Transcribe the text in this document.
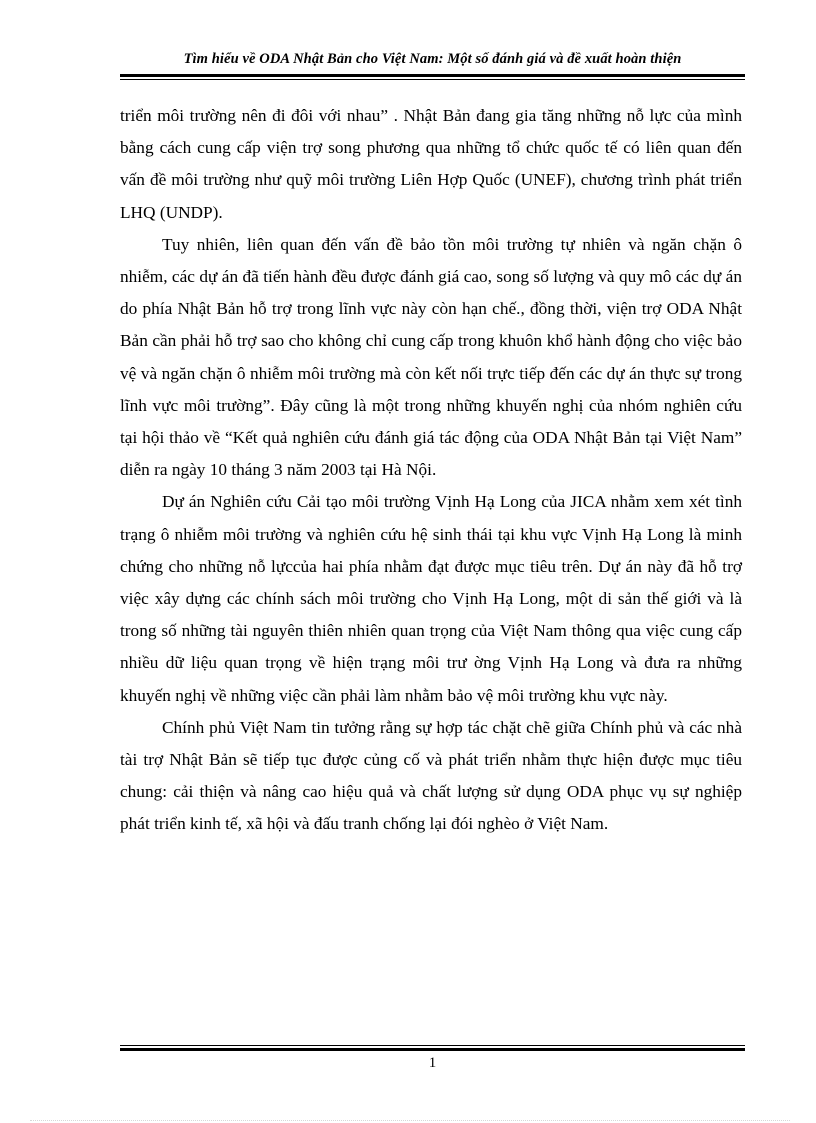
Tìm hiểu về ODA Nhật Bản cho Việt Nam: Một số đánh giá và đề xuất hoàn thiện

triển môi trường nên đi đôi với nhau” . Nhật Bản đang gia tăng những nỗ lực của mình bằng cách cung cấp viện trợ song phương qua những tổ chức quốc tế có liên quan đến vấn đề môi trường như quỹ môi trường Liên Hợp Quốc (UNEF), chương trình phát triển LHQ (UNDP).

Tuy nhiên, liên quan đến vấn đề bảo tồn môi trường tự nhiên và ngăn chặn ô nhiễm, các dự án đã tiến hành đều được đánh giá cao, song số lượng và quy mô các dự án do phía Nhật Bản hỗ trợ trong lĩnh vực này còn hạn chế., đồng thời, viện trợ ODA Nhật Bản cần phải hỗ trợ sao cho không chỉ cung cấp trong khuôn khổ hành động cho việc bảo vệ và ngăn chặn ô nhiễm môi trường mà còn kết nối trực tiếp đến các dự án thực sự trong lĩnh vực môi trường”. Đây cũng là một trong những khuyến nghị của nhóm nghiên cứu tại hội thảo về “Kết quả nghiên cứu đánh giá tác động của ODA Nhật Bản tại Việt Nam” diễn ra ngày 10 tháng 3 năm 2003 tại Hà Nội.

Dự án Nghiên cứu Cải tạo môi trường Vịnh Hạ Long của JICA nhằm xem xét tình trạng ô nhiễm môi trường và nghiên cứu hệ sinh thái tại khu vực Vịnh Hạ Long là minh chứng cho những nỗ lựccủa hai phía nhằm đạt được mục tiêu trên. Dự án này đã hỗ trợ việc xây dựng các chính sách môi trường cho Vịnh Hạ Long, một di sản thế giới và là trong số những tài nguyên thiên nhiên quan trọng của Việt Nam thông qua việc cung cấp nhiều dữ liệu quan trọng về hiện trạng môi trư ờng Vịnh Hạ Long và đưa ra những khuyến nghị về những việc cần phải làm nhằm bảo vệ môi trường khu vực này.

Chính phủ Việt Nam tin tưởng rằng sự hợp tác chặt chẽ giữa Chính phủ và các nhà tài trợ Nhật Bản sẽ tiếp tục được củng cố và phát triển nhằm thực hiện được mục tiêu chung: cải thiện và nâng cao hiệu quả và chất lượng sử dụng ODA phục vụ sự nghiệp phát triển kinh tế, xã hội và đấu tranh chống lại đói nghèo ở Việt Nam.

1
